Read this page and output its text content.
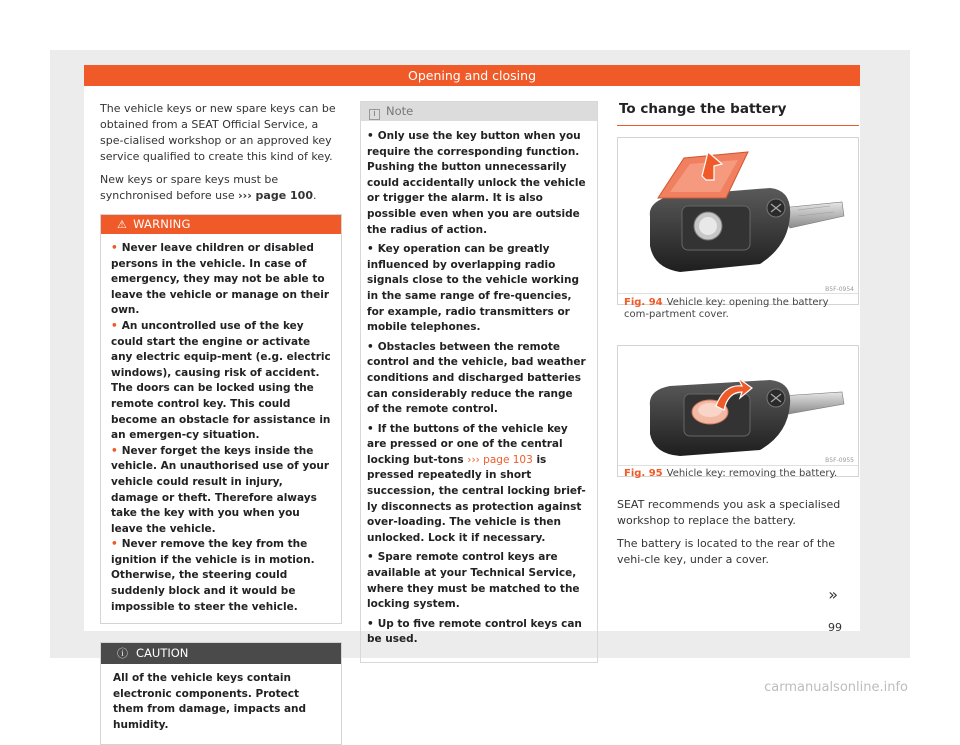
Opening and closing

The vehicle keys or new spare keys can be obtained from a SEAT Official Service, a spe-cialised workshop or an approved key service qualified to create this kind of key.

New keys or spare keys must be synchronised before use ››› page 100.

⚠ WARNING

• Never leave children or disabled persons in the vehicle. In case of emergency, they may not be able to leave the vehicle or manage on their own.

• An uncontrolled use of the key could start the engine or activate any electric equip-ment (e.g. electric windows), causing risk of accident. The doors can be locked using the remote control key. This could become an obstacle for assistance in an emergen-cy situation.

• Never forget the keys inside the vehicle. An unauthorised use of your vehicle could result in injury, damage or theft. Therefore always take the key with you when you leave the vehicle.

• Never remove the key from the ignition if the vehicle is in motion. Otherwise, the steering could suddenly block and it would be impossible to steer the vehicle.

ⓘ CAUTION
All of the vehicle keys contain electronic components. Protect them from damage, impacts and humidity.
i Note

• Only use the key button when you require the corresponding function. Pushing the button unnecessarily could accidentally unlock the vehicle or trigger the alarm. It is also possible even when you are outside the radius of action.

• Key operation can be greatly influenced by overlapping radio signals close to the vehicle working in the same range of fre-quencies, for example, radio transmitters or mobile telephones.

• Obstacles between the remote control and the vehicle, bad weather conditions and discharged batteries can considerably reduce the range of the remote control.

• If the buttons of the vehicle key are pressed or one of the central locking but-tons ››› page 103 is pressed repeatedly in short succession, the central locking brief-ly disconnects as protection against over-loading. The vehicle is then unlocked. Lock it if necessary.

• Spare remote control keys are available at your Technical Service, where they must be matched to the locking system.

• Up to five remote control keys can be used.

To change the battery
B5F-0954
Fig. 94 Vehicle key: opening the battery com-partment cover.
B5F-0955
Fig. 95 Vehicle key: removing the battery.

SEAT recommends you ask a specialised workshop to replace the battery.

The battery is located to the rear of the vehi-cle key, under a cover.

»
99
carmanualsonline.info
